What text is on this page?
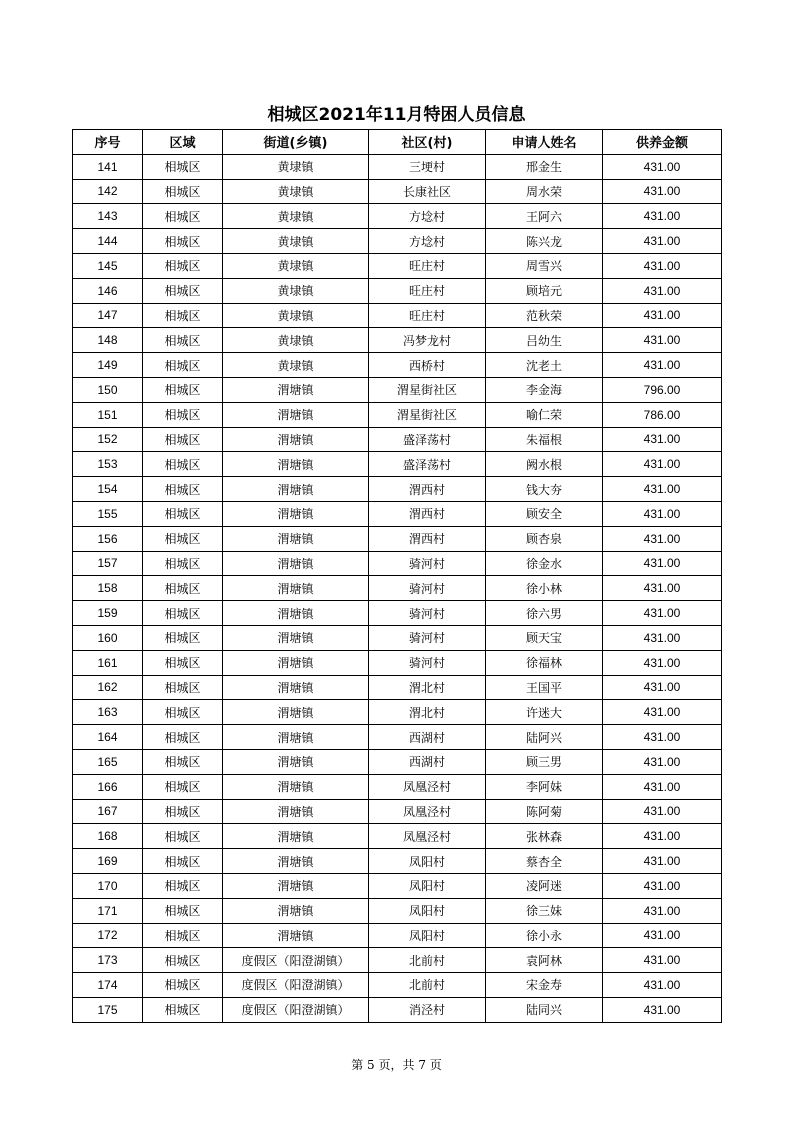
相城区2021年11月特困人员信息
序号	区域	街道(乡镇)	社区(村)	申请人姓名	供养金额
141	相城区	黄埭镇	三埂村	邢金生	431.00
142	相城区	黄埭镇	长康社区	周水荣	431.00
143	相城区	黄埭镇	方埝村	王阿六	431.00
144	相城区	黄埭镇	方埝村	陈兴龙	431.00
145	相城区	黄埭镇	旺庄村	周雪兴	431.00
146	相城区	黄埭镇	旺庄村	顾培元	431.00
147	相城区	黄埭镇	旺庄村	范秋荣	431.00
148	相城区	黄埭镇	冯梦龙村	吕幼生	431.00
149	相城区	黄埭镇	西桥村	沈老土	431.00
150	相城区	渭塘镇	渭星街社区	李金海	796.00
151	相城区	渭塘镇	渭星街社区	喻仁荣	786.00
152	相城区	渭塘镇	盛泽荡村	朱福根	431.00
153	相城区	渭塘镇	盛泽荡村	阙水根	431.00
154	相城区	渭塘镇	渭西村	钱大夯	431.00
155	相城区	渭塘镇	渭西村	顾安全	431.00
156	相城区	渭塘镇	渭西村	顾杏泉	431.00
157	相城区	渭塘镇	骑河村	徐金水	431.00
158	相城区	渭塘镇	骑河村	徐小林	431.00
159	相城区	渭塘镇	骑河村	徐六男	431.00
160	相城区	渭塘镇	骑河村	顾天宝	431.00
161	相城区	渭塘镇	骑河村	徐福林	431.00
162	相城区	渭塘镇	渭北村	王国平	431.00
163	相城区	渭塘镇	渭北村	许迷大	431.00
164	相城区	渭塘镇	西湖村	陆阿兴	431.00
165	相城区	渭塘镇	西湖村	顾三男	431.00
166	相城区	渭塘镇	凤凰泾村	李阿妹	431.00
167	相城区	渭塘镇	凤凰泾村	陈阿菊	431.00
168	相城区	渭塘镇	凤凰泾村	张林森	431.00
169	相城区	渭塘镇	凤阳村	蔡杏全	431.00
170	相城区	渭塘镇	凤阳村	凌阿迷	431.00
171	相城区	渭塘镇	凤阳村	徐三妹	431.00
172	相城区	渭塘镇	凤阳村	徐小永	431.00
173	相城区	度假区（阳澄湖镇）	北前村	袁阿林	431.00
174	相城区	度假区（阳澄湖镇）	北前村	宋金寿	431.00
175	相城区	度假区（阳澄湖镇）	消泾村	陆同兴	431.00
第 5 页，共 7 页
